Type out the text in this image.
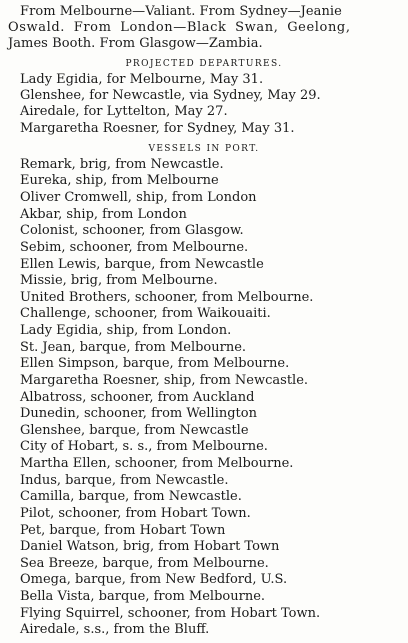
From Melbourne—Valiant. From Sydney—Jeanie
Oswald. From London—Black Swan, Geelong,
James Booth. From Glasgow—Zambia.

PROJECTED DEPARTURES.
Lady Egidia, for Melbourne, May 31.
Glenshee, for Newcastle, via Sydney, May 29.
Airedale, for Lyttelton, May 27.
Margaretha Roesner, for Sydney, May 31.
VESSELS IN PORT.
Remark, brig, from Newcastle.
Eureka, ship, from Melbourne
Oliver Cromwell, ship, from London
Akbar, ship, from London
Colonist, schooner, from Glasgow.
Sebim, schooner, from Melbourne.
Ellen Lewis, barque, from Newcastle
Missie, brig, from Melbourne.
United Brothers, schooner, from Melbourne.
Challenge, schooner, from Waikouaiti.
Lady Egidia, ship, from London.
St. Jean, barque, from Melbourne.
Ellen Simpson, barque, from Melbourne.
Margaretha Roesner, ship, from Newcastle.
Albatross, schooner, from Auckland
Dunedin, schooner, from Wellington
Glenshee, barque, from Newcastle
City of Hobart, s. s., from Melbourne.
Martha Ellen, schooner, from Melbourne.
Indus, barque, from Newcastle.
Camilla, barque, from Newcastle.
Pilot, schooner, from Hobart Town.
Pet, barque, from Hobart Town
Daniel Watson, brig, from Hobart Town
Sea Breeze, barque, from Melbourne.
Omega, barque, from New Bedford, U.S.
Bella Vista, barque, from Melbourne.
Flying Squirrel, schooner, from Hobart Town.
Airedale, s.s., from the Bluff.
